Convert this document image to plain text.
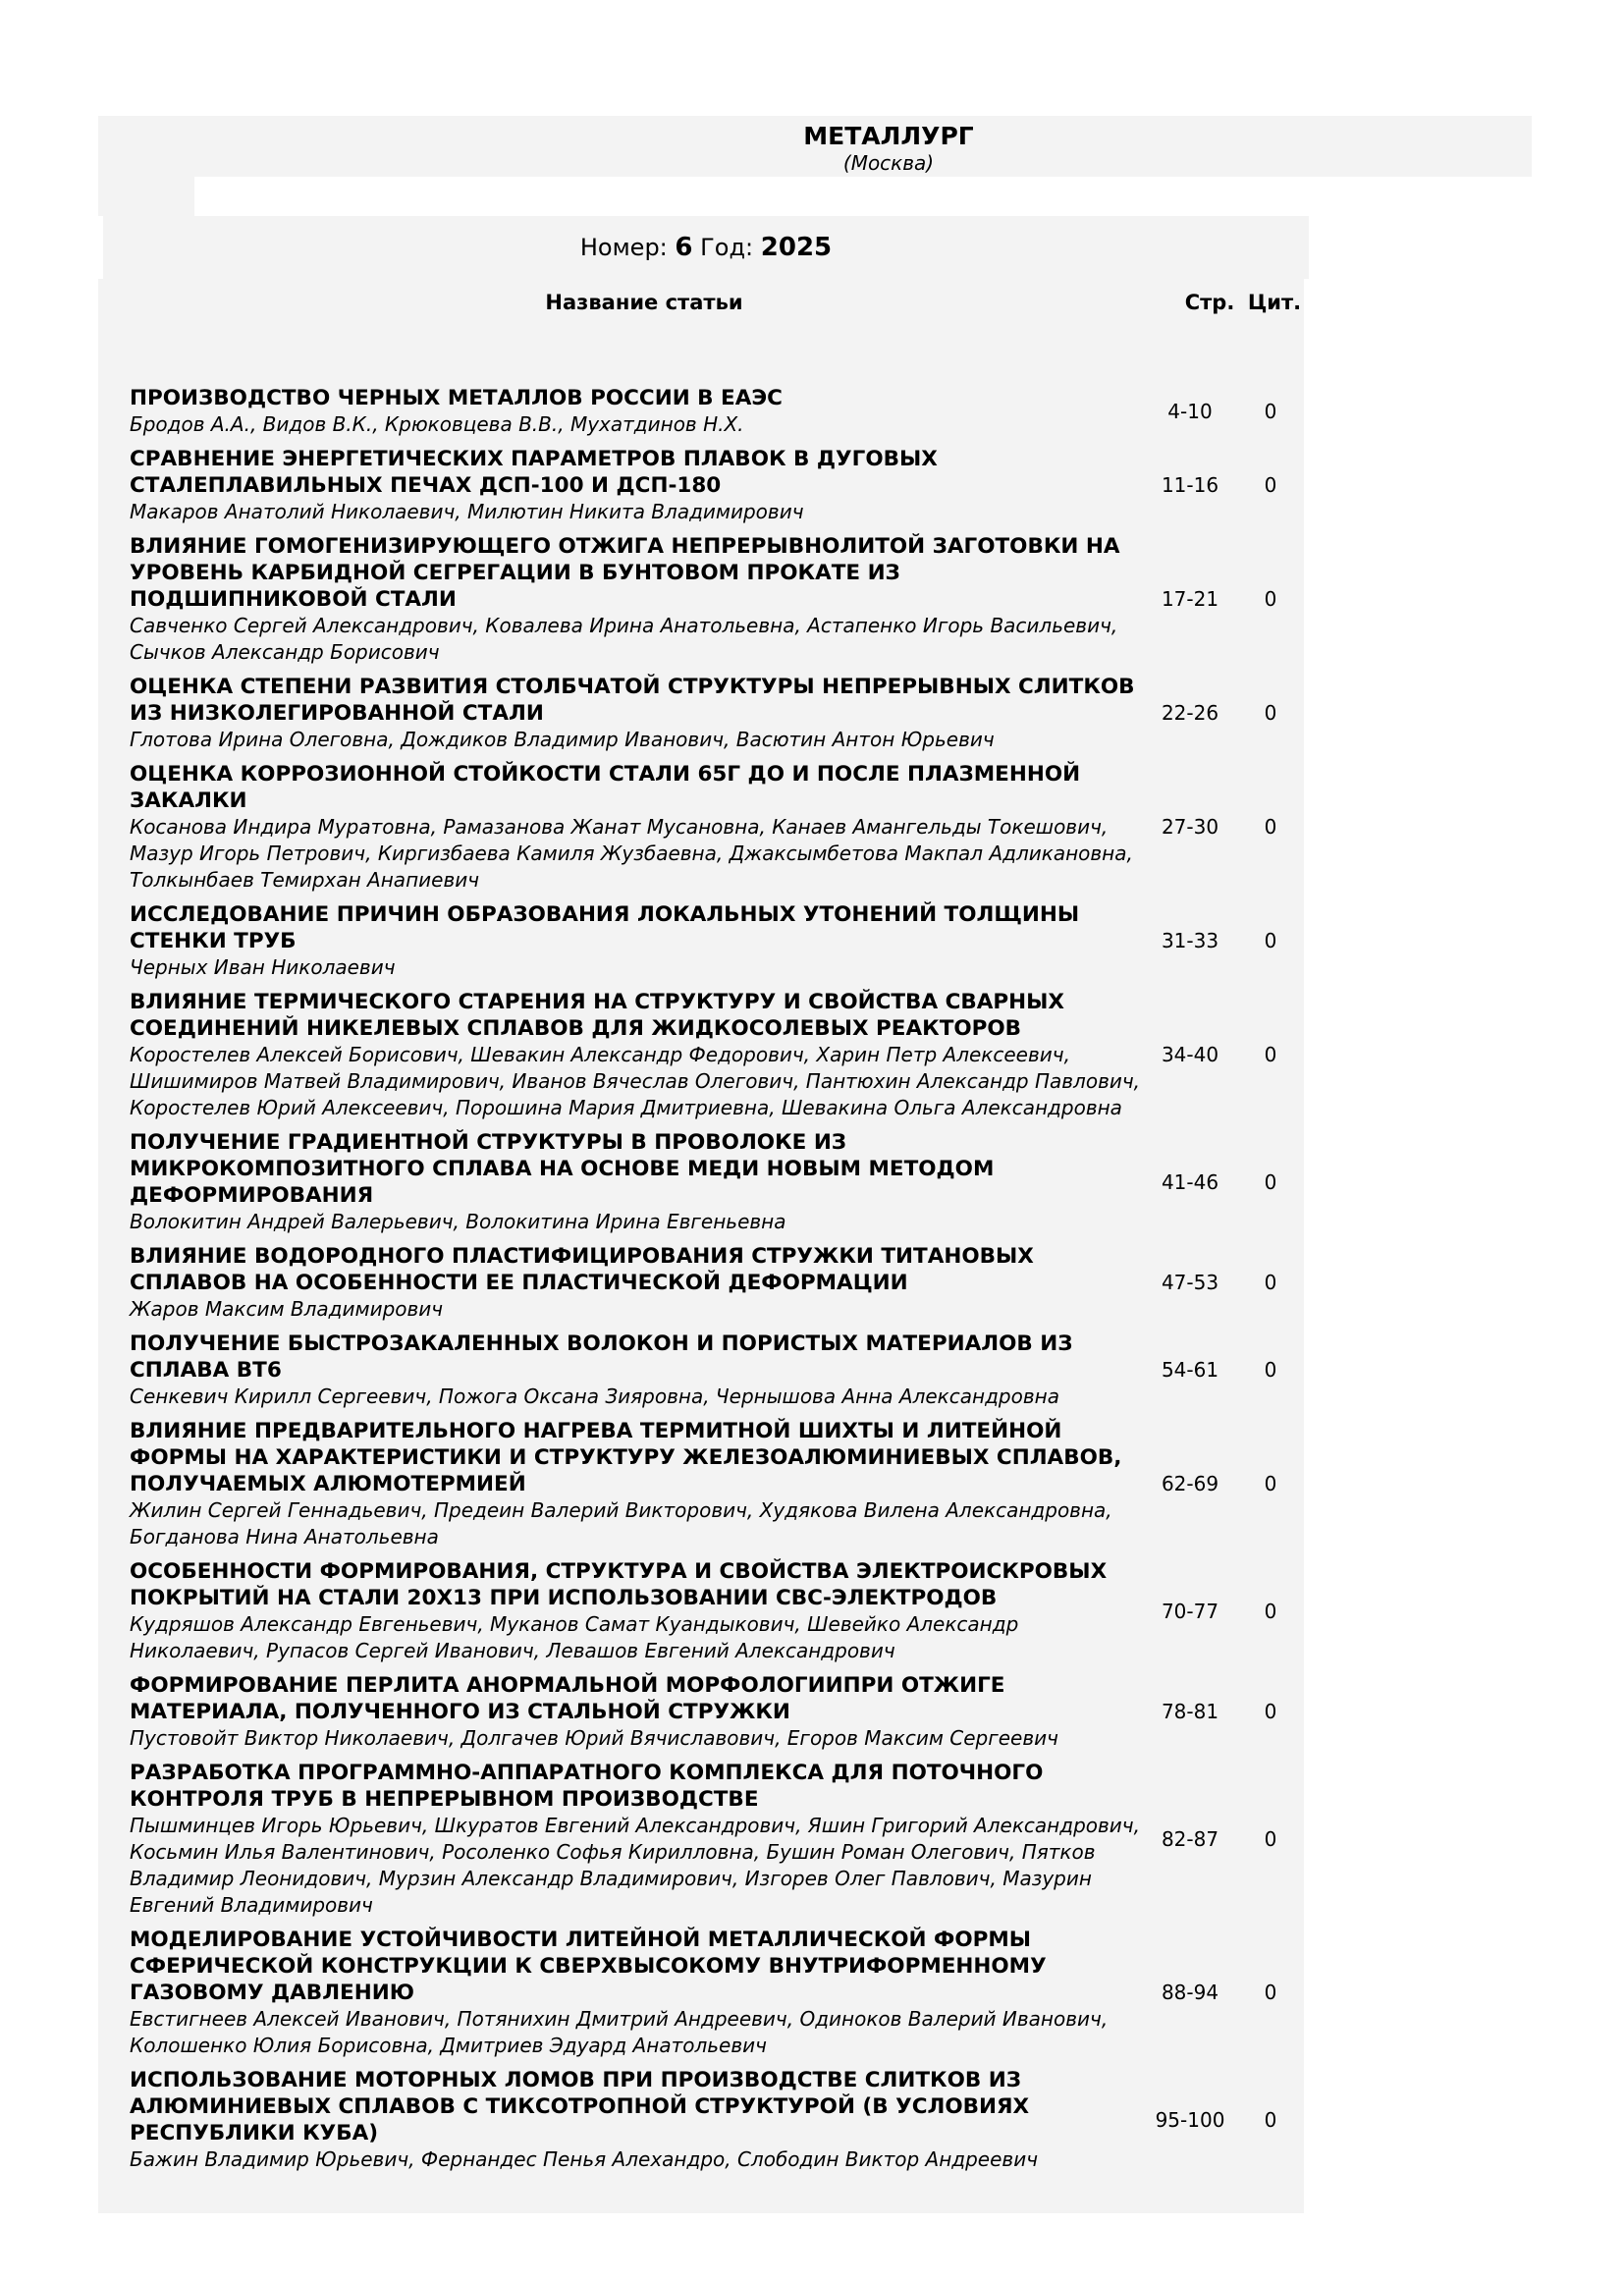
МЕТАЛЛУРГ
(Москва)
Номер: 6 Год: 2025
Название статьи	Стр. Цит.
ПРОИЗВОДСТВО ЧЕРНЫХ МЕТАЛЛОВ РОССИИ В ЕАЭС
Бродов А.А., Видов В.К., Крюковцева В.В., Мухатдинов Н.Х.
4-10	0
СРАВНЕНИЕ ЭНЕРГЕТИЧЕСКИХ ПАРАМЕТРОВ ПЛАВОК В ДУГОВЫХ СТАЛЕПЛАВИЛЬНЫХ ПЕЧАХ ДСП-100 И ДСП-180
Макаров Анатолий Николаевич, Милютин Никита Владимирович
11-16	0
ВЛИЯНИЕ ГОМОГЕНИЗИРУЮЩЕГО ОТЖИГА НЕПРЕРЫВНОЛИТОЙ ЗАГОТОВКИ НА УРОВЕНЬ КАРБИДНОЙ СЕГРЕГАЦИИ В БУНТОВОМ ПРОКАТЕ ИЗ ПОДШИПНИКОВОЙ СТАЛИ
Савченко Сергей Александрович, Ковалева Ирина Анатольевна, Астапенко Игорь Васильевич, Сычков Александр Борисович
17-21	0
ОЦЕНКА СТЕПЕНИ РАЗВИТИЯ СТОЛБЧАТОЙ СТРУКТУРЫ НЕПРЕРЫВНЫХ СЛИТКОВ ИЗ НИЗКОЛЕГИРОВАННОЙ СТАЛИ
Глотова Ирина Олеговна, Дождиков Владимир Иванович, Васютин Антон Юрьевич
22-26	0
ОЦЕНКА КОРРОЗИОННОЙ СТОЙКОСТИ СТАЛИ 65Г ДО И ПОСЛЕ ПЛАЗМЕННОЙ ЗАКАЛКИ
Косанова Индира Муратовна, Рамазанова Жанат Мусановна, Канаев Амангельды Токешович, Мазур Игорь Петрович, Киргизбаева Камиля Жузбаевна, Джаксымбетова Макпал Адликановна, Толкынбаев Темирхан Анапиевич
27-30	0
ИССЛЕДОВАНИЕ ПРИЧИН ОБРАЗОВАНИЯ ЛОКАЛЬНЫХ УТОНЕНИЙ ТОЛЩИНЫ СТЕНКИ ТРУБ
Черных Иван Николаевич
31-33	0
ВЛИЯНИЕ ТЕРМИЧЕСКОГО СТАРЕНИЯ НА СТРУКТУРУ И СВОЙСТВА СВАРНЫХ СОЕДИНЕНИЙ НИКЕЛЕВЫХ СПЛАВОВ ДЛЯ ЖИДКОСОЛЕВЫХ РЕАКТОРОВ
Коростелев Алексей Борисович, Шевакин Александр Федорович, Харин Петр Алексеевич, Шишимиров Матвей Владимирович, Иванов Вячеслав Олегович, Пантюхин Александр Павлович, Коростелев Юрий Алексеевич, Порошина Мария Дмитриевна, Шевакина Ольга Александровна
34-40	0
ПОЛУЧЕНИЕ ГРАДИЕНТНОЙ СТРУКТУРЫ В ПРОВОЛОКЕ ИЗ МИКРОКОМПОЗИТНОГО СПЛАВА НА ОСНОВЕ МЕДИ НОВЫМ МЕТОДОМ ДЕФОРМИРОВАНИЯ
Волокитин Андрей Валерьевич, Волокитина Ирина Евгеньевна
41-46	0
ВЛИЯНИЕ ВОДОРОДНОГО ПЛАСТИФИЦИРОВАНИЯ СТРУЖКИ ТИТАНОВЫХ СПЛАВОВ НА ОСОБЕННОСТИ ЕЕ ПЛАСТИЧЕСКОЙ ДЕФОРМАЦИИ
Жаров Максим Владимирович
47-53	0
ПОЛУЧЕНИЕ БЫСТРОЗАКАЛЕННЫХ ВОЛОКОН И ПОРИСТЫХ МАТЕРИАЛОВ ИЗ СПЛАВА ВТ6
Сенкевич Кирилл Сергеевич, Пожога Оксана Зияровна, Чернышова Анна Александровна
54-61	0
ВЛИЯНИЕ ПРЕДВАРИТЕЛЬНОГО НАГРЕВА ТЕРМИТНОЙ ШИХТЫ И ЛИТЕЙНОЙ ФОРМЫ НА ХАРАКТЕРИСТИКИ И СТРУКТУРУ ЖЕЛЕЗОАЛЮМИНИЕВЫХ СПЛАВОВ, ПОЛУЧАЕМЫХ АЛЮМОТЕРМИЕЙ
Жилин Сергей Геннадьевич, Предеин Валерий Викторович, Худякова Вилена Александровна, Богданова Нина Анатольевна
62-69	0
ОСОБЕННОСТИ ФОРМИРОВАНИЯ, СТРУКТУРА И СВОЙСТВА ЭЛЕКТРОИСКРОВЫХ ПОКРЫТИЙ НА СТАЛИ 20Х13 ПРИ ИСПОЛЬЗОВАНИИ СВС-ЭЛЕКТРОДОВ
Кудряшов Александр Евгеньевич, Муканов Самат Куандыкович, Шевейко Александр Николаевич, Рупасов Сергей Иванович, Левашов Евгений Александрович
70-77	0
ФОРМИРОВАНИЕ ПЕРЛИТА АНОРМАЛЬНОЙ МОРФОЛОГИИПРИ ОТЖИГЕ МАТЕРИАЛА, ПОЛУЧЕННОГО ИЗ СТАЛЬНОЙ СТРУЖКИ
Пустовойт Виктор Николаевич, Долгачев Юрий Вячиславович, Егоров Максим Сергеевич
78-81	0
РАЗРАБОТКА ПРОГРАММНО-АППАРАТНОГО КОМПЛЕКСА ДЛЯ ПОТОЧНОГО КОНТРОЛЯ ТРУБ В НЕПРЕРЫВНОМ ПРОИЗВОДСТВЕ
Пышминцев Игорь Юрьевич, Шкуратов Евгений Александрович, Яшин Григорий Александрович, Косьмин Илья Валентинович, Росоленко Софья Кирилловна, Бушин Роман Олегович, Пятков Владимир Леонидович, Мурзин Александр Владимирович, Изгорев Олег Павлович, Мазурин Евгений Владимирович
82-87	0
МОДЕЛИРОВАНИЕ УСТОЙЧИВОСТИ ЛИТЕЙНОЙ МЕТАЛЛИЧЕСКОЙ ФОРМЫ СФЕРИЧЕСКОЙ КОНСТРУКЦИИ К СВЕРХВЫСОКОМУ ВНУТРИФОРМЕННОМУ ГАЗОВОМУ ДАВЛЕНИЮ
Евстигнеев Алексей Иванович, Потянихин Дмитрий Андреевич, Одиноков Валерий Иванович, Колошенко Юлия Борисовна, Дмитриев Эдуард Анатольевич
88-94	0
ИСПОЛЬЗОВАНИЕ МОТОРНЫХ ЛОМОВ ПРИ ПРОИЗВОДСТВЕ СЛИТКОВ ИЗ АЛЮМИНИЕВЫХ СПЛАВОВ С ТИКСОТРОПНОЙ СТРУКТУРОЙ (В УСЛОВИЯХ РЕСПУБЛИКИ КУБА)
Бажин Владимир Юрьевич, Фернандес Пенья Алехандро, Слободин Виктор Андреевич
95-100	0
